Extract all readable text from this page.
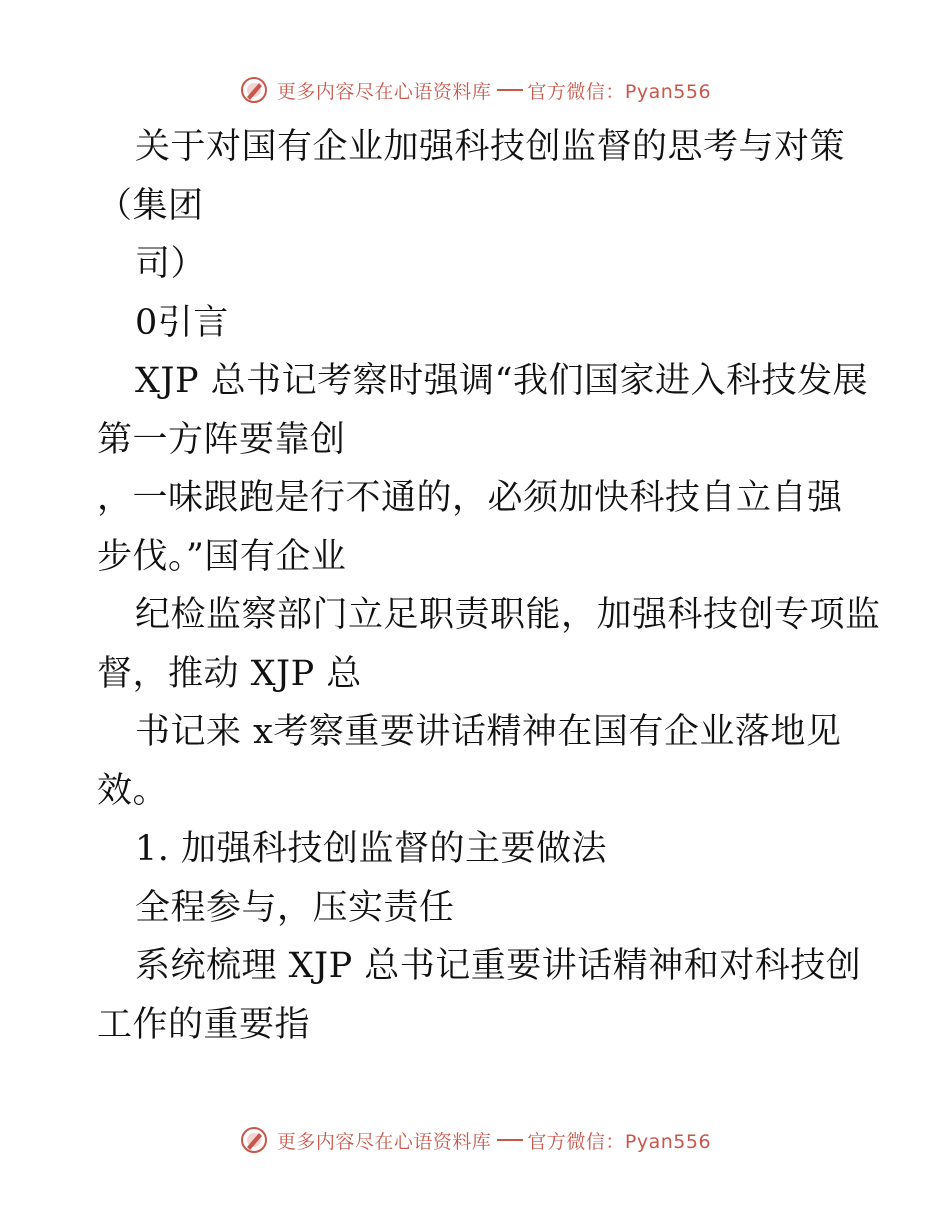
更多内容尽在心语资料库 官方微信：Pyan556
关于对国有企业加强科技创监督的思考与对策
（集团
司）
0引言
XJP 总书记考察时强调“我们国家进入科技发展
第一方阵要靠创
，一味跟跑是行不通的，必须加快科技自立自强
步伐。”国有企业
纪检监察部门立足职责职能，加强科技创专项监
督，推动 XJP 总
书记来 x考察重要讲话精神在国有企业落地见
效。
1. 加强科技创监督的主要做法
全程参与，压实责任
系统梳理 XJP 总书记重要讲话精神和对科技创
工作的重要指
更多内容尽在心语资料库 官方微信：Pyan556
